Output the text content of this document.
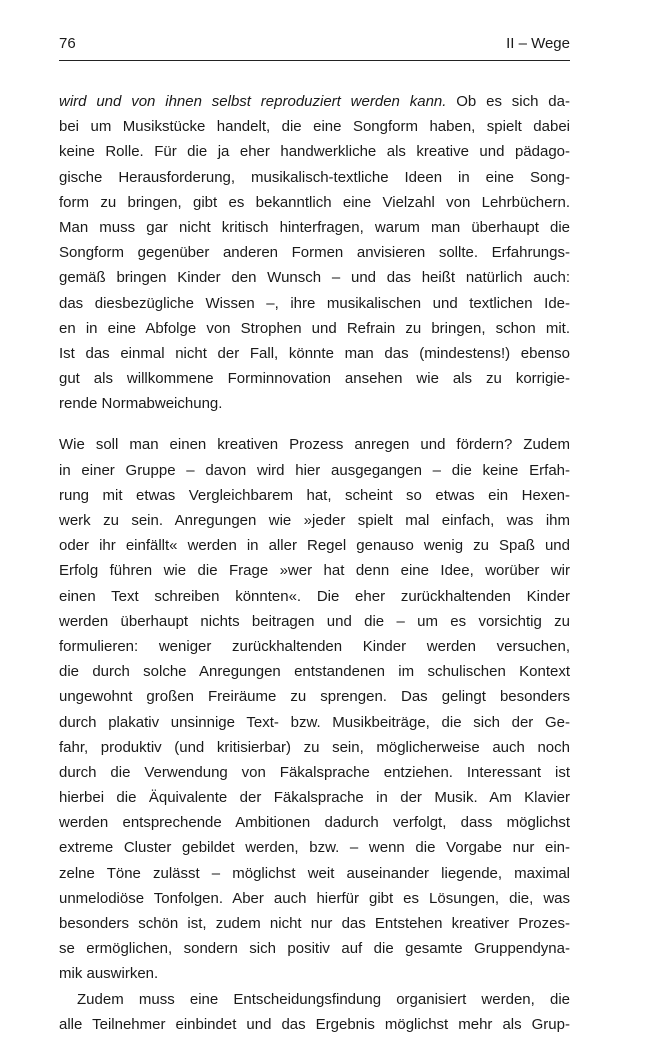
76	II – Wege
wird und von ihnen selbst reproduziert werden kann. Ob es sich da-
bei um Musikstücke handelt, die eine Songform haben, spielt dabei
keine Rolle. Für die ja eher handwerkliche als kreative und pädago-
gische Herausforderung, musikalisch-textliche Ideen in eine Song-
form zu bringen, gibt es bekanntlich eine Vielzahl von Lehrbüchern.
Man muss gar nicht kritisch hinterfragen, warum man überhaupt die
Songform gegenüber anderen Formen anvisieren sollte. Erfahrungs-
gemäß bringen Kinder den Wunsch – und das heißt natürlich auch:
das diesbezügliche Wissen –, ihre musikalischen und textlichen Ide-
en in eine Abfolge von Strophen und Refrain zu bringen, schon mit.
Ist das einmal nicht der Fall, könnte man das (mindestens!) ebenso
gut als willkommene Forminnovation ansehen wie als zu korrigie-
rende Normabweichung.
Wie soll man einen kreativen Prozess anregen und fördern? Zudem
in einer Gruppe – davon wird hier ausgegangen – die keine Erfah-
rung mit etwas Vergleichbarem hat, scheint so etwas ein Hexen-
werk zu sein. Anregungen wie »jeder spielt mal einfach, was ihm
oder ihr einfällt« werden in aller Regel genauso wenig zu Spaß und
Erfolg führen wie die Frage »wer hat denn eine Idee, worüber wir
einen Text schreiben könnten«. Die eher zurückhaltenden Kinder
werden überhaupt nichts beitragen und die – um es vorsichtig zu
formulieren: weniger zurückhaltenden Kinder werden versuchen,
die durch solche Anregungen entstandenen im schulischen Kontext
ungewohnt großen Freiräume zu sprengen. Das gelingt besonders
durch plakativ unsinnige Text- bzw. Musikbeiträge, die sich der Ge-
fahr, produktiv (und kritisierbar) zu sein, möglicherweise auch noch
durch die Verwendung von Fäkalsprache entziehen. Interessant ist
hierbei die Äquivalente der Fäkalsprache in der Musik. Am Klavier
werden entsprechende Ambitionen dadurch verfolgt, dass möglichst
extreme Cluster gebildet werden, bzw. – wenn die Vorgabe nur ein-
zelne Töne zulässt – möglichst weit auseinander liegende, maximal
unmelodiöse Tonfolgen. Aber auch hierfür gibt es Lösungen, die, was
besonders schön ist, zudem nicht nur das Entstehen kreativer Prozes-
se ermöglichen, sondern sich positiv auf die gesamte Gruppendyna-
mik auswirken.
Zudem muss eine Entscheidungsfindung organisiert werden, die
alle Teilnehmer einbindet und das Ergebnis möglichst mehr als Grup-
